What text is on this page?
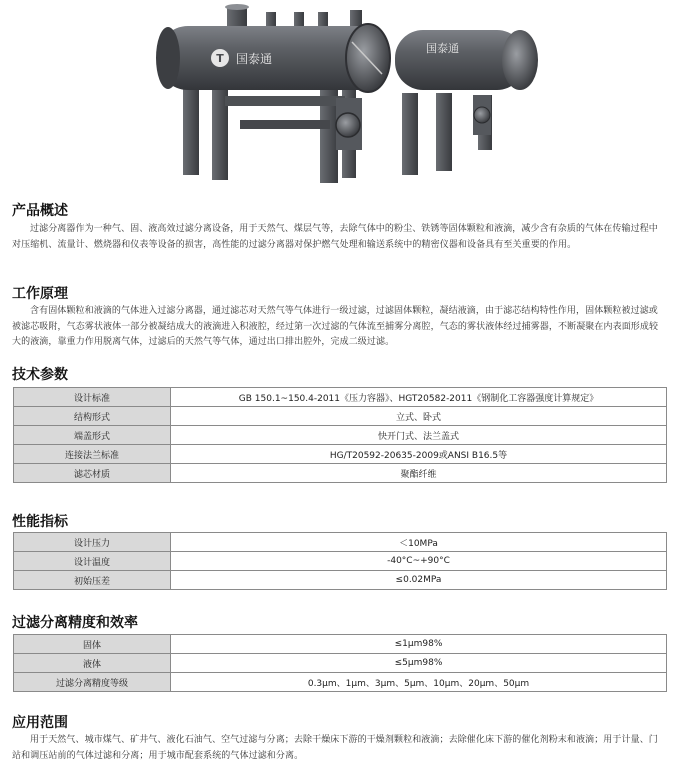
国泰通
T 国泰通
产品概述
过滤分离器作为一种气、固、液高效过滤分离设备，用于天然气、煤层气等，去除气体中的粉尘、铁锈等固体颗粒和液滴，减少含有杂质的气体在传输过程中对压缩机、流量计、燃烧器和仪表等设备的损害，高性能的过滤分离器对保护燃气处理和输送系统中的精密仪器和设备具有至关重要的作用。
工作原理
含有固体颗粒和液滴的气体进入过滤分离器，通过滤芯对天然气等气体进行一级过滤，过滤固体颗粒，凝结液滴，由于滤芯结构特性作用，固体颗粒被过滤或被滤芯吸附，气态雾状液体一部分被凝结成大的液滴进入积液腔，经过第一次过滤的气体流至捕雾分离腔，气态的雾状液体经过捕雾器，不断凝聚在内表面形成较大的液滴，靠重力作用脱离气体，过滤后的天然气等气体，通过出口排出腔外，完成二级过滤。
技术参数
设计标准	GB 150.1~150.4-2011《压力容器》、HGT20582-2011《钢制化工容器强度计算规定》
结构形式	立式、卧式
端盖形式	快开门式、法兰盖式
连接法兰标准	HG/T20592-20635-2009或ANSI B16.5等
滤芯材质	聚酯纤维
性能指标
设计压力	＜10MPa
设计温度	-40°C~+90°C
初始压差	≤0.02MPa
过滤分离精度和效率
固体	≤1μm98%
液体	≤5μm98%
过滤分离精度等级	0.3μm、1μm、3μm、5μm、10μm、20μm、50μm
应用范围
用于天然气、城市煤气、矿井气、液化石油气、空气过滤与分离；去除干燥床下游的干燥剂颗粒和液滴；去除催化床下游的催化剂粉末和液滴；用于计量、门站和调压站前的气体过滤和分离；用于城市配套系统的气体过滤和分离。
